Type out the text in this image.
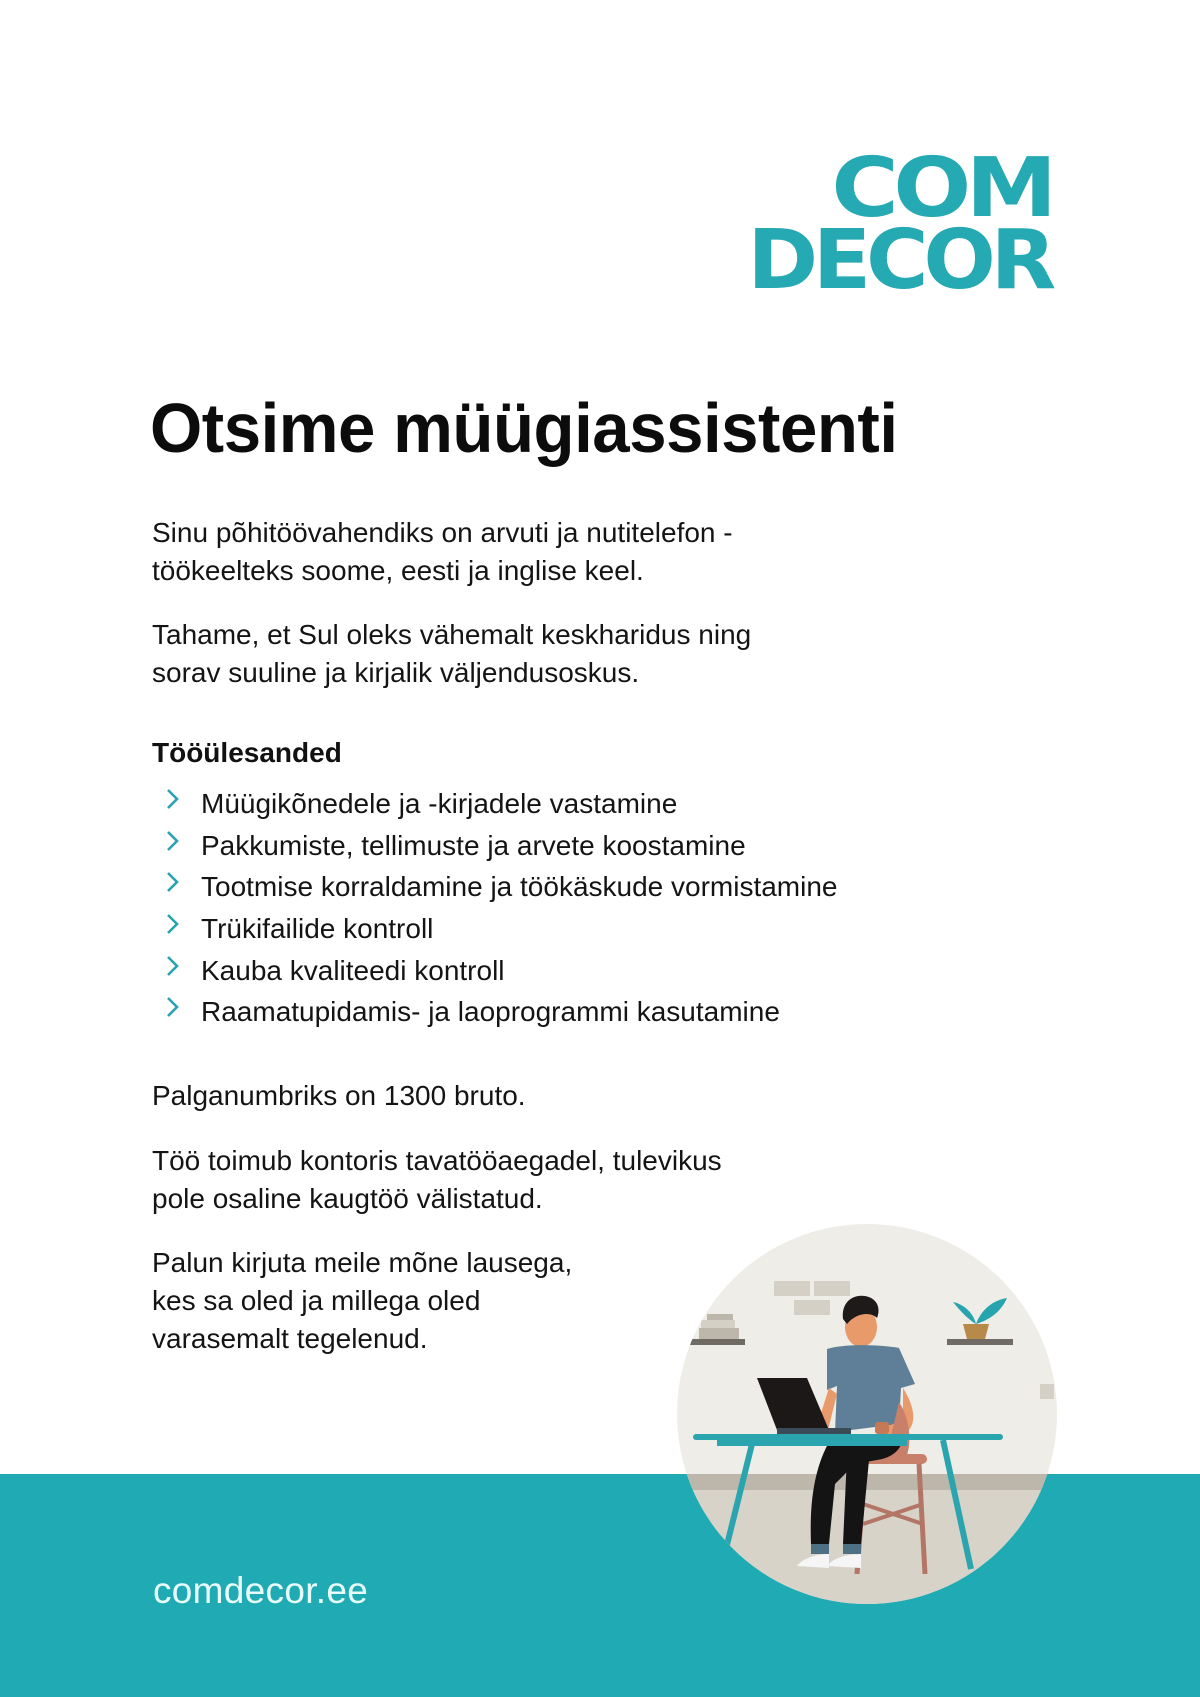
COM
DECOR
Otsime müügiassistenti
Sinu põhitöövahendiks on arvuti ja nutitelefon -
töökeelteks soome, eesti ja inglise keel.
Tahame, et Sul oleks vähemalt keskharidus ning
sorav suuline ja kirjalik väljendusoskus.
Tööülesanded
Müügikõnedele ja -kirjadele vastamine
Pakkumiste, tellimuste ja arvete koostamine
Tootmise korraldamine ja töökäskude vormistamine
Trükifailide kontroll
Kauba kvaliteedi kontroll
Raamatupidamis- ja laoprogrammi kasutamine
Palganumbriks on 1300 bruto.
Töö toimub kontoris tavatööaegadel, tulevikus
pole osaline kaugtöö välistatud.
Palun kirjuta meile mõne lausega,
kes sa oled ja millega oled
varasemalt tegelenud.
comdecor.ee
